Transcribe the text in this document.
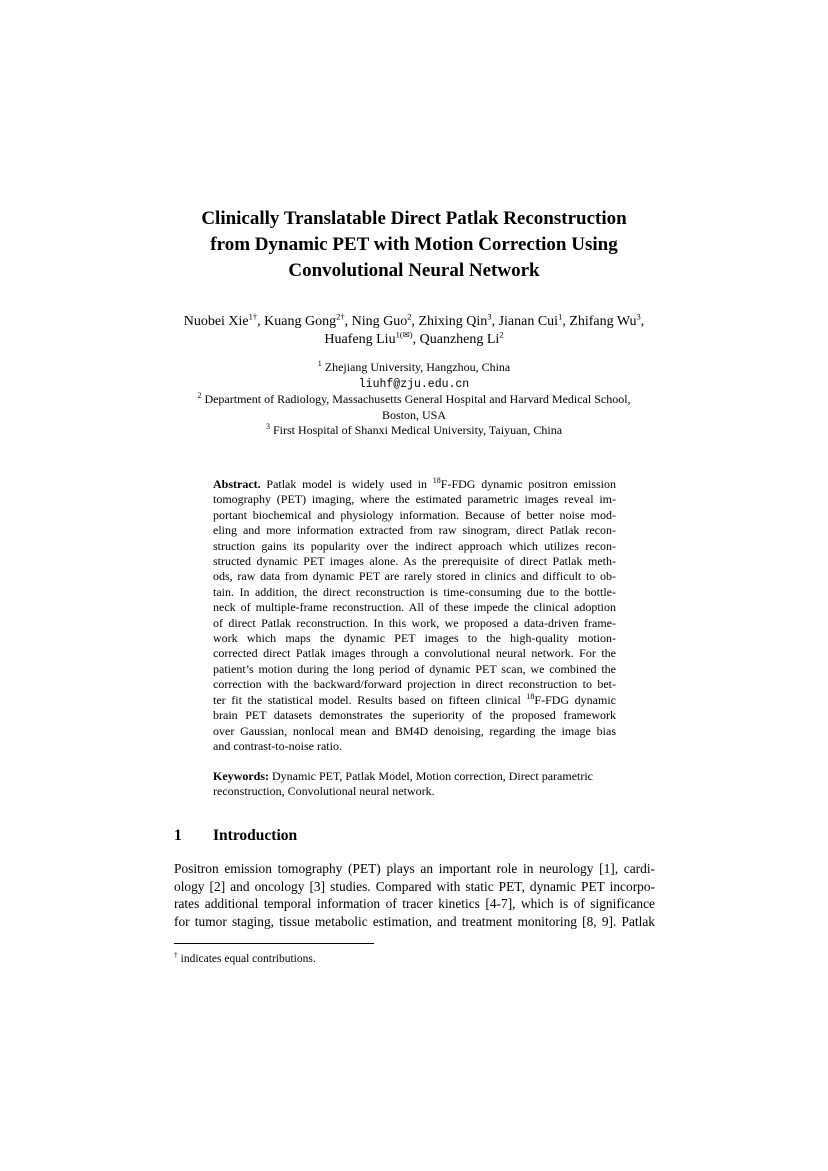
Clinically Translatable Direct Patlak Reconstruction
from Dynamic PET with Motion Correction Using
Convolutional Neural Network
Nuobei Xie$^{1\dagger}$, Kuang Gong$^{2\dagger}$, Ning Guo$^2$, Zhixing Qin$^3$, Jianan Cui$^1$, Zhifang Wu$^3$,
Huafeng Liu$^{1(✉)}$, Quanzheng Li$^2$
$^1$ Zhejiang University, Hangzhou, China
liuhf@zju.edu.cn
$^2$ Department of Radiology, Massachusetts General Hospital and Harvard Medical School,
Boston, USA
$^3$ First Hospital of Shanxi Medical University, Taiyuan, China
Abstract. Patlak model is widely used in $^{18}$F-FDG dynamic positron emission
tomography (PET) imaging, where the estimated parametric images reveal im-
portant biochemical and physiology information. Because of better noise mod-
eling and more information extracted from raw sinogram, direct Patlak recon-
struction gains its popularity over the indirect approach which utilizes recon-
structed dynamic PET images alone. As the prerequisite of direct Patlak meth-
ods, raw data from dynamic PET are rarely stored in clinics and difficult to ob-
tain. In addition, the direct reconstruction is time-consuming due to the bottle-
neck of multiple-frame reconstruction. All of these impede the clinical adoption
of direct Patlak reconstruction. In this work, we proposed a data-driven frame-
work which maps the dynamic PET images to the high-quality motion-
corrected direct Patlak images through a convolutional neural network. For the
patient’s motion during the long period of dynamic PET scan, we combined the
correction with the backward/forward projection in direct reconstruction to bet-
ter fit the statistical model. Results based on fifteen clinical $^{18}$F-FDG dynamic
brain PET datasets demonstrates the superiority of the proposed framework
over Gaussian, nonlocal mean and BM4D denoising, regarding the image bias
and contrast-to-noise ratio.
Keywords: Dynamic PET, Patlak Model, Motion correction, Direct parametric
reconstruction, Convolutional neural network.
1 Introduction
Positron emission tomography (PET) plays an important role in neurology [1], cardi-
ology [2] and oncology [3] studies. Compared with static PET, dynamic PET incorpo-
rates additional temporal information of tracer kinetics [4-7], which is of significance
for tumor staging, tissue metabolic estimation, and treatment monitoring [8, 9]. Patlak
† indicates equal contributions.
